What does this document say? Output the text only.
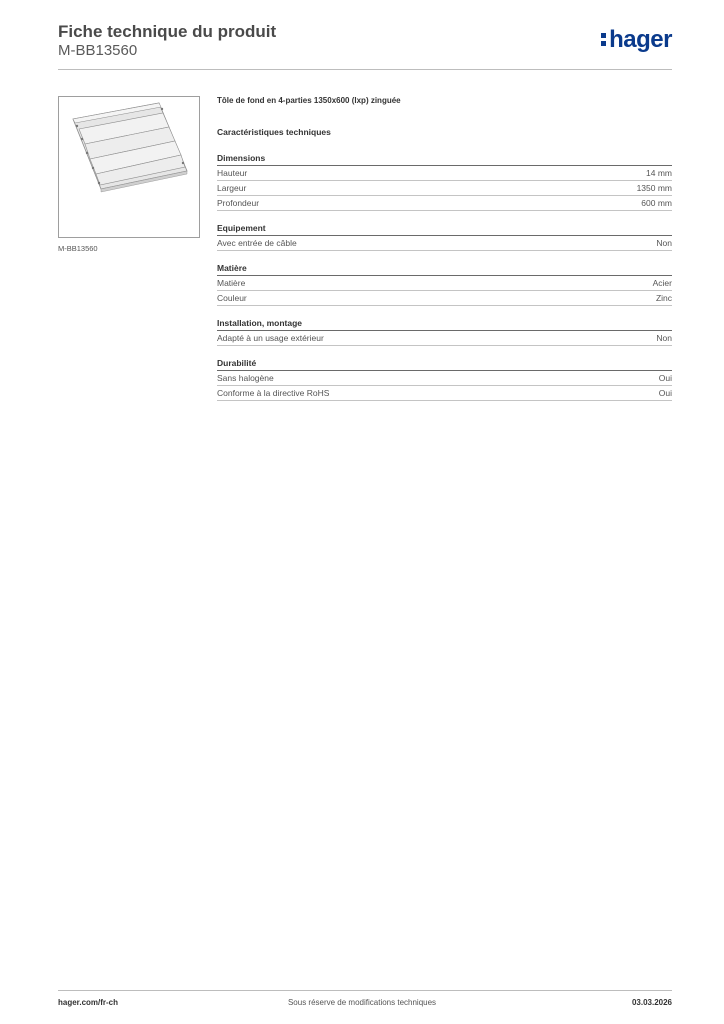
Fiche technique du produit
M-BB13560	hager
M-BB13560
Tôle de fond en 4-parties 1350x600 (lxp) zinguée
Caractéristiques techniques
Dimensions
Hauteur	14 mm
Largeur	1350 mm
Profondeur	600 mm
Equipement
Avec entrée de câble	Non
Matière
Matière	Acier
Couleur	Zinc
Installation, montage
Adapté à un usage extérieur	Non
Durabilité
Sans halogène	Oui
Conforme à la directive RoHS	Oui
hager.com/fr-ch	Sous réserve de modifications techniques	03.03.2026
